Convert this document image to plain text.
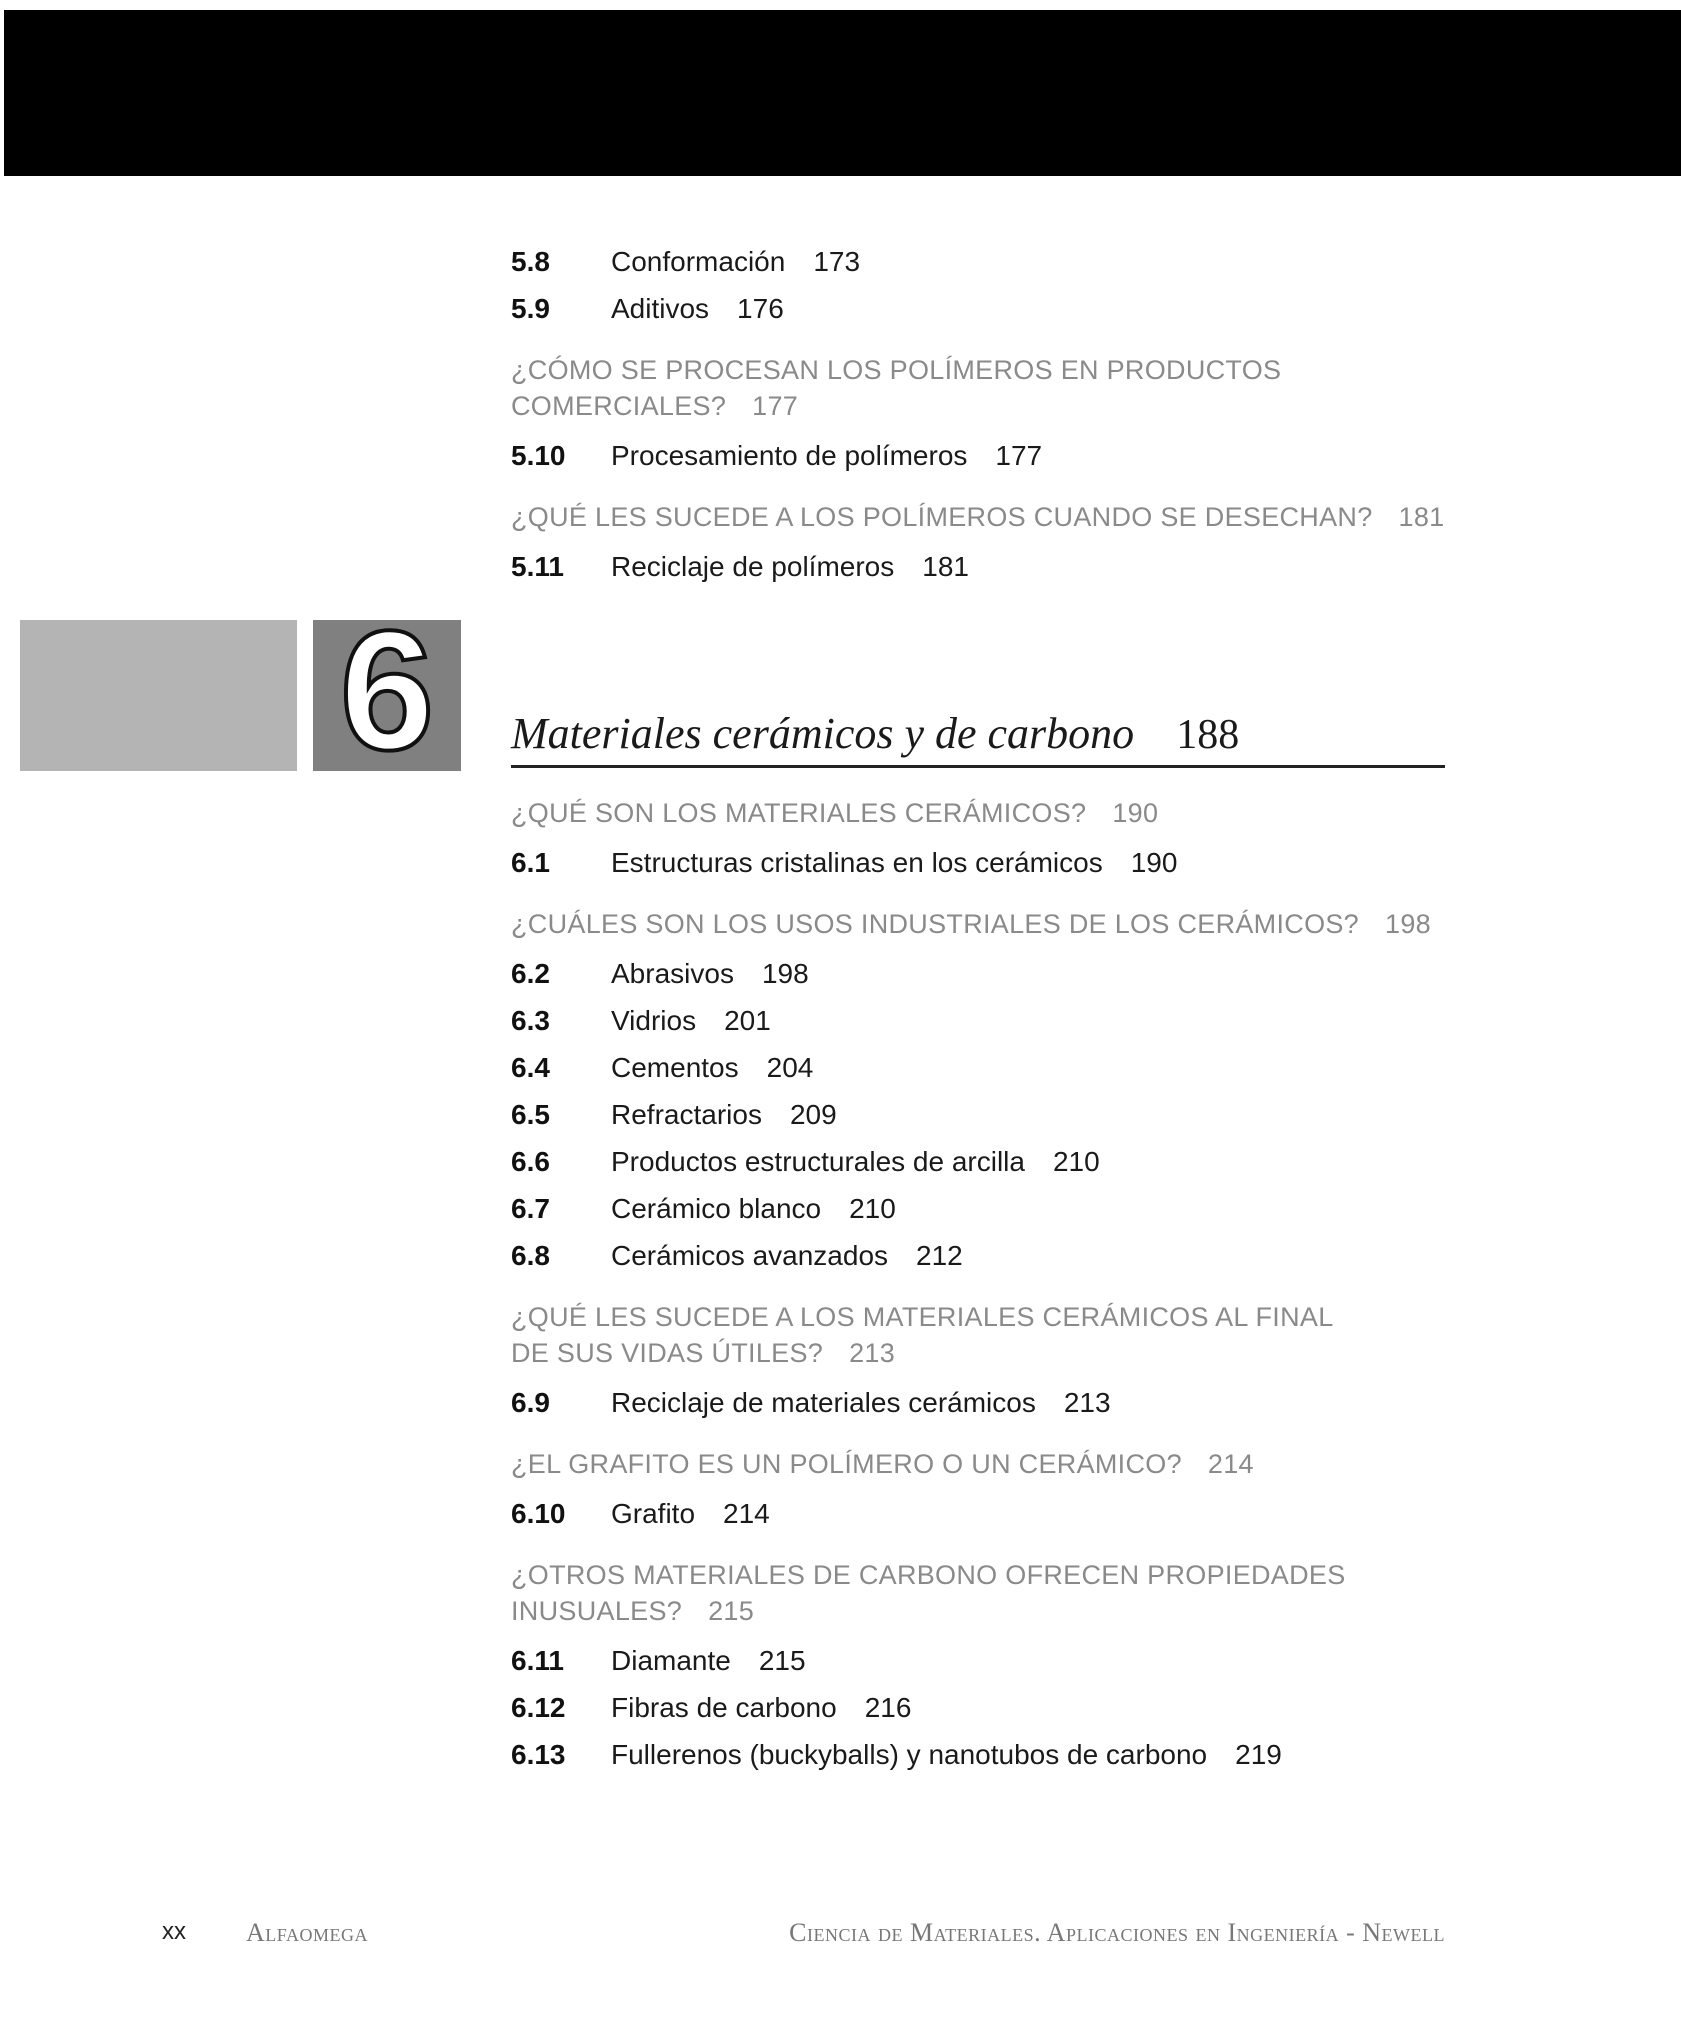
5.8	Conformación 173
5.9	Aditivos 176
¿CÓMO SE PROCESAN LOS POLÍMEROS EN PRODUCTOS
COMERCIALES? 177
5.10	Procesamiento de polímeros 177
¿QUÉ LES SUCEDE A LOS POLÍMEROS CUANDO SE DESECHAN? 181
5.11	Reciclaje de polímeros 181
6	Materiales cerámicos y de carbono 188
¿QUÉ SON LOS MATERIALES CERÁMICOS? 190
6.1	Estructuras cristalinas en los cerámicos 190
¿CUÁLES SON LOS USOS INDUSTRIALES DE LOS CERÁMICOS? 198
6.2	Abrasivos 198
6.3	Vidrios 201
6.4	Cementos 204
6.5	Refractarios 209
6.6	Productos estructurales de arcilla 210
6.7	Cerámico blanco 210
6.8	Cerámicos avanzados 212
¿QUÉ LES SUCEDE A LOS MATERIALES CERÁMICOS AL FINAL
DE SUS VIDAS ÚTILES? 213
6.9	Reciclaje de materiales cerámicos 213
¿EL GRAFITO ES UN POLÍMERO O UN CERÁMICO? 214
6.10	Grafito 214
¿OTROS MATERIALES DE CARBONO OFRECEN PROPIEDADES
INUSUALES? 215
6.11	Diamante 215
6.12	Fibras de carbono 216
6.13	Fullerenos (buckyballs) y nanotubos de carbono 219
xx Alfaomega	Ciencia de Materiales. Aplicaciones en Ingeniería - Newell
